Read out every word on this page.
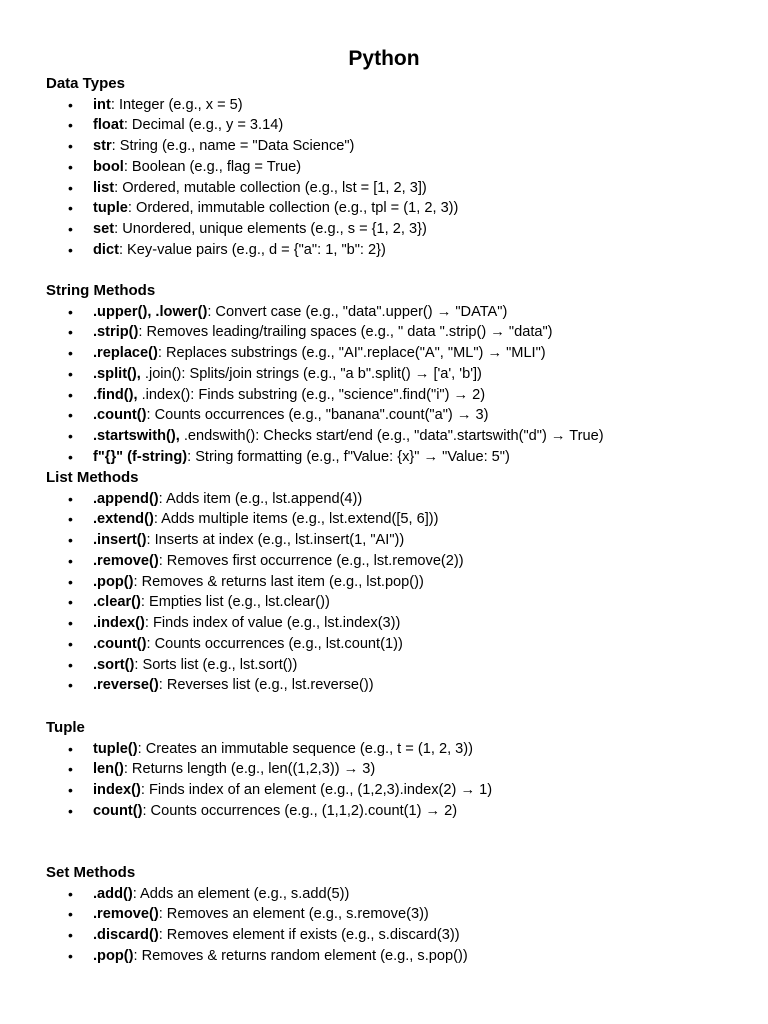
Python
Data Types
• int: Integer (e.g., x = 5)
• float: Decimal (e.g., y = 3.14)
• str: String (e.g., name = "Data Science")
• bool: Boolean (e.g., flag = True)
• list: Ordered, mutable collection (e.g., lst = [1, 2, 3])
• tuple: Ordered, immutable collection (e.g., tpl = (1, 2, 3))
• set: Unordered, unique elements (e.g., s = {1, 2, 3})
• dict: Key-value pairs (e.g., d = {"a": 1, "b": 2})
String Methods
• .upper(), .lower(): Convert case (e.g., "data".upper() → "DATA")
• .strip(): Removes leading/trailing spaces (e.g., " data ".strip() → "data")
• .replace(): Replaces substrings (e.g., "AI".replace("A", "ML") → "MLI")
• .split(), .join(): Splits/join strings (e.g., "a b".split() → ['a', 'b'])
• .find(), .index(): Finds substring (e.g., "science".find("i") → 2)
• .count(): Counts occurrences (e.g., "banana".count("a") → 3)
• .startswith(), .endswith(): Checks start/end (e.g., "data".startswith("d") → True)
• f"{}" (f-string): String formatting (e.g., f"Value: {x}" → "Value: 5")
List Methods
• .append(): Adds item (e.g., lst.append(4))
• .extend(): Adds multiple items (e.g., lst.extend([5, 6]))
• .insert(): Inserts at index (e.g., lst.insert(1, "AI"))
• .remove(): Removes first occurrence (e.g., lst.remove(2))
• .pop(): Removes & returns last item (e.g., lst.pop())
• .clear(): Empties list (e.g., lst.clear())
• .index(): Finds index of value (e.g., lst.index(3))
• .count(): Counts occurrences (e.g., lst.count(1))
• .sort(): Sorts list (e.g., lst.sort())
• .reverse(): Reverses list (e.g., lst.reverse())
Tuple
• tuple(): Creates an immutable sequence (e.g., t = (1, 2, 3))
• len(): Returns length (e.g., len((1,2,3)) → 3)
• index(): Finds index of an element (e.g., (1,2,3).index(2) → 1)
• count(): Counts occurrences (e.g., (1,1,2).count(1) → 2)
Set Methods
• .add(): Adds an element (e.g., s.add(5))
• .remove(): Removes an element (e.g., s.remove(3))
• .discard(): Removes element if exists (e.g., s.discard(3))
• .pop(): Removes & returns random element (e.g., s.pop())
